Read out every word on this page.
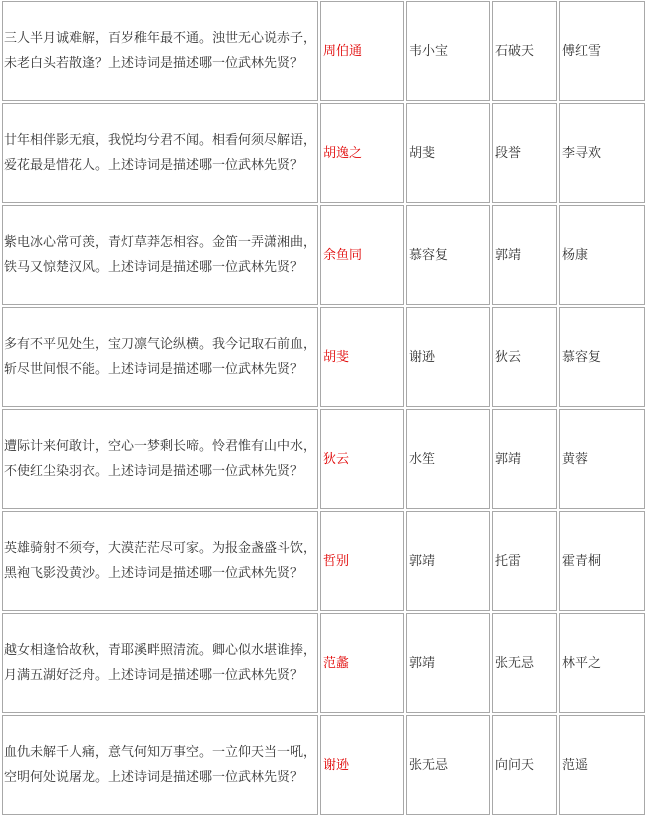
三人半月诚难解，百岁稚年最不通。浊世无心说赤子，未老白头若散逢？上述诗词是描述哪一位武林先贤？	周伯通	韦小宝	石破天	傅红雪
廿年相伴影无痕，我悦均兮君不闻。相看何须尽解语，爱花最是惜花人。上述诗词是描述哪一位武林先贤？	胡逸之	胡斐	段誉	李寻欢
紫电冰心常可羡，青灯草莽怎相容。金笛一弄潇湘曲，铁马又惊楚汉风。上述诗词是描述哪一位武林先贤？	余鱼同	慕容复	郭靖	杨康
多有不平见处生，宝刀凛气论纵横。我今记取石前血，斩尽世间恨不能。上述诗词是描述哪一位武林先贤？	胡斐	谢逊	狄云	慕容复
遭际计来何敢计，空心一梦剩长啼。怜君惟有山中水，不使红尘染羽衣。上述诗词是描述哪一位武林先贤？	狄云	水笙	郭靖	黄蓉
英雄骑射不须夸，大漠茫茫尽可家。为报金盏盛斗饮，黑袍飞影没黄沙。上述诗词是描述哪一位武林先贤？	哲别	郭靖	托雷	霍青桐
越女相逢恰故秋，青耶溪畔照清流。卿心似水堪谁捧，月满五湖好泛舟。上述诗词是描述哪一位武林先贤？	范蠡	郭靖	张无忌	林平之
血仇未解千人痛，意气何知万事空。一立仰天当一吼，空明何处说屠龙。上述诗词是描述哪一位武林先贤？	谢逊	张无忌	向问天	范遥
